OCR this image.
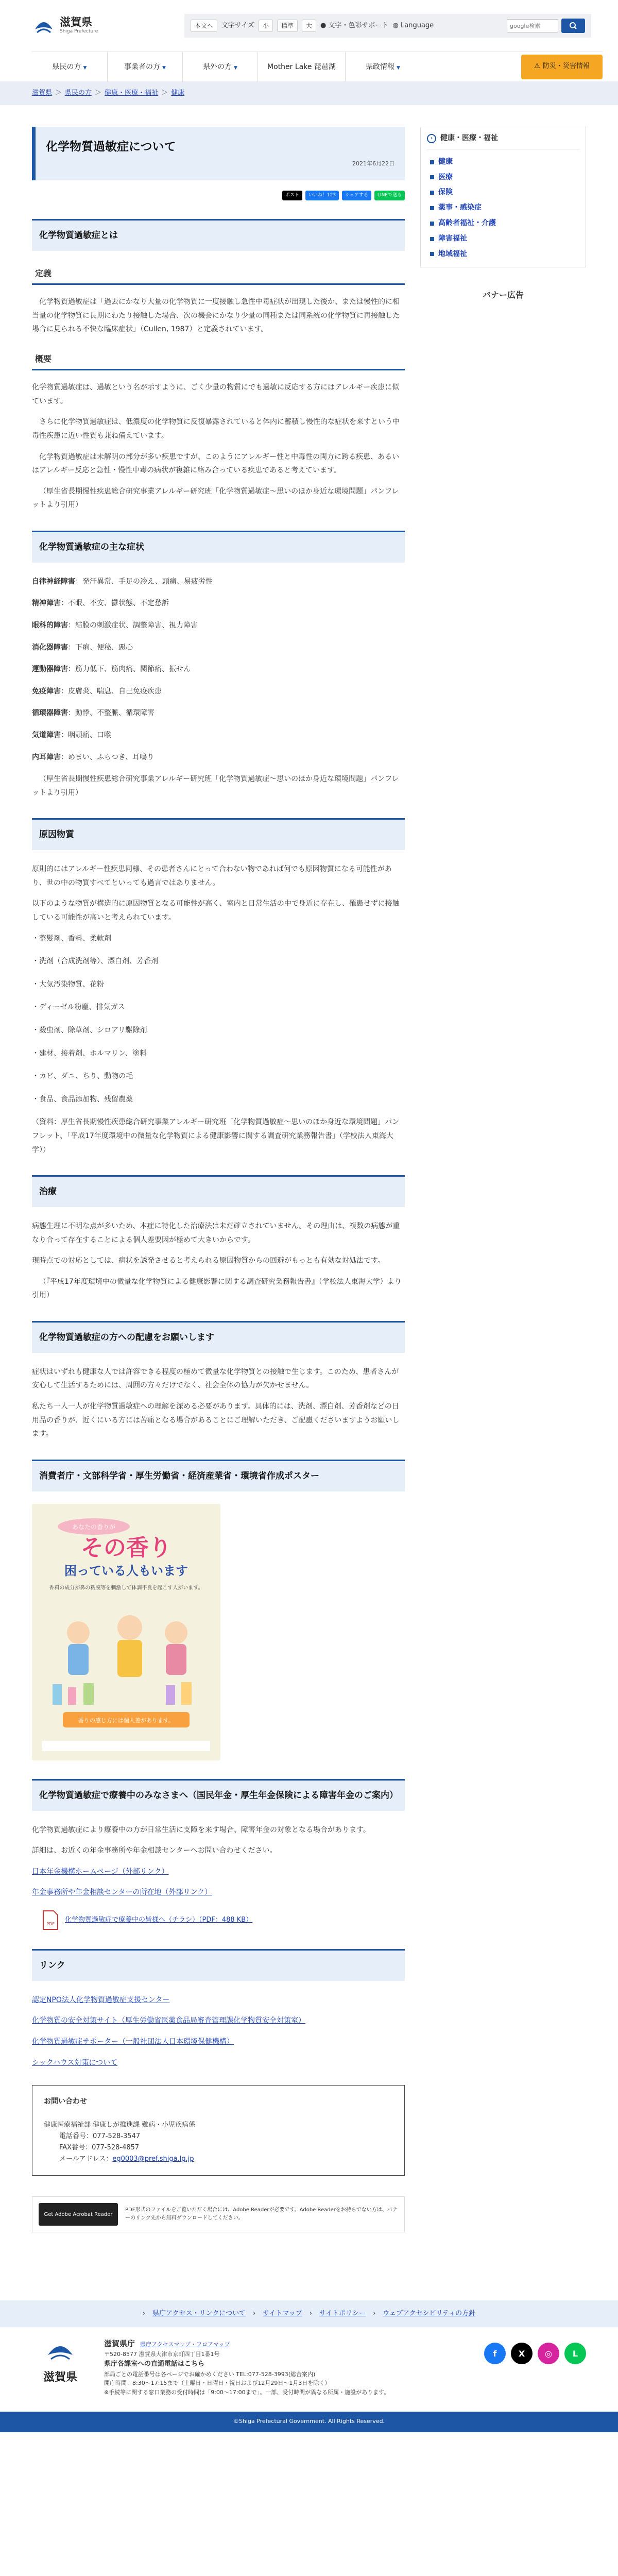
滋賀県
Shiga Prefecture
本文へ	文字サイズ	小	標準	大	● 文字・色彩サポート ◍ Language
google検索
県民の方 ▼	事業者の方 ▼	県外の方 ▼	Mother Lake 琵琶湖	県政情報 ▼	⚠ 防災・災害情報
滋賀県 ＞ 県民の方 ＞ 健康・医療・福祉 ＞ 健康
化学物質過敏症について
2021年6月22日
ポスト	いいね！123	シェアする	LINEで送る
化学物質過敏症とは
定義

化学物質過敏症は「過去にかなり大量の化学物質に一度接触し急性中毒症状が出現した後か、または慢性的に相当量の化学物質に長期にわたり接触した場合、次の機会にかなり少量の同種または同系統の化学物質に再接触した場合に見られる不快な臨床症状」（Cullen, 1987）と定義されています。

概要

化学物質過敏症は、過敏という名が示すように、ごく少量の物質にでも過敏に反応する方にはアレルギー疾患に似ています。

さらに化学物質過敏症は、低濃度の化学物質に反復暴露されていると体内に蓄積し慢性的な症状を来すという中毒性疾患に近い性質も兼ね備えています。

化学物質過敏症は未解明の部分が多い疾患ですが、このようにアレルギー性と中毒性の両方に跨る疾患、あるいはアレルギー反応と急性・慢性中毒の病状が複雑に絡み合っている疾患であると考えています。

（厚生省長期慢性疾患総合研究事業アレルギー研究班「化学物質過敏症〜思いのほか身近な環境問題」パンフレットより引用）

化学物質過敏症の主な症状

自律神経障害：発汗異常、手足の冷え、頭痛、易疲労性

精神障害：不眠、不安、鬱状態、不定愁訴

眼科的障害：結膜の刺激症状、調整障害、視力障害

消化器障害：下痢、便秘、悪心

運動器障害：筋力低下、筋肉痛、関節痛、振せん

免疫障害：皮膚炎、喘息、自己免疫疾患

循環器障害：動悸、不整脈、循環障害

気道障害：咽頭痛、口喉

内耳障害：めまい、ふらつき、耳鳴り

（厚生省長期慢性疾患総合研究事業アレルギー研究班「化学物質過敏症〜思いのほか身近な環境問題」パンフレットより引用）

原因物質

原則的にはアレルギー性疾患同様、その患者さんにとって合わない物であれば何でも原因物質になる可能性があり、世の中の物質すべてといっても過言ではありません。

以下のような物質が構造的に原因物質となる可能性が高く、室内と日常生活の中で身近に存在し、罹患せずに接触している可能性が高いと考えられています。

・整髪剤、香料、柔軟剤

・洗剤（合成洗剤等）、漂白剤、芳香剤

・大気汚染物質、花粉

・ディーゼル粉塵、排気ガス

・殺虫剤、除草剤、シロアリ駆除剤

・建材、接着剤、ホルマリン、塗料

・カビ、ダニ、ちり、動物の毛

・食品、食品添加物、残留農薬

（資料：厚生省長期慢性疾患総合研究事業アレルギー研究班「化学物質過敏症〜思いのほか身近な環境問題」パンフレット、「平成17年度環境中の微量な化学物質による健康影響に関する調査研究業務報告書」（学校法人東海大学））

治療

病態生理に不明な点が多いため、本症に特化した治療法は未だ確立されていません。その理由は、複数の病態が重なり合って存在することによる個人差要因が極めて大きいからです。

現時点での対応としては、病状を誘発させると考えられる原因物質からの回避がもっとも有効な対処法です。

（『平成17年度環境中の微量な化学物質による健康影響に関する調査研究業務報告書』（学校法人東海大学）より引用）

化学物質過敏症の方への配慮をお願いします

症状はいずれも健康な人では許容できる程度の極めて微量な化学物質との接触で生じます。このため、患者さんが安心して生活するためには、周囲の方々だけでなく、社会全体の協力が欠かせません。

私たち一人一人が化学物質過敏症への理解を深める必要があります。具体的には、洗剤、漂白剤、芳香剤などの日用品の香りが、近くにいる方には苦痛となる場合があることにご理解いただき、ご配慮くださいますようお願いします。

消費者庁・文部科学省・厚生労働省・経済産業省・環境省作成ポスター
あなたの香りが
その香り
困っている人もいます
香料の成分が鼻の粘膜等を刺激して体調不良を起こす人がいます。
香りの感じ方には個人差があります。
化学物質過敏症で療養中のみなさまへ（国民年金・厚生年金保険による障害年金のご案内）

化学物質過敏症により療養中の方が日常生活に支障を来す場合、障害年金の対象となる場合があります。

詳細は、お近くの年金事務所や年金相談センターへお問い合わせください。

日本年金機構ホームページ（外部リンク）

年金事務所や年金相談センターの所在地（外部リンク）

PDF
化学物質過敏症で療養中の皆様へ（チラシ）（PDF：488 KB）
リンク

認定NPO法人化学物質過敏症支援センター

化学物質の安全対策サイト（厚生労働省医薬食品局審査管理課化学物質安全対策室）

化学物質過敏症サポーター（一般社団法人日本環境保健機構）

シックハウス対策について

お問い合わせ

健康医療福祉部 健康しが推進課 難病・小児疾病係

電話番号：077-528-3547

FAX番号：077-528-4857

メールアドレス：eg0003@pref.shiga.lg.jp

Get Adobe Acrobat Reader
PDF形式のファイルをご覧いただく場合には、Adobe Readerが必要です。Adobe Readerをお持ちでない方は、バナーのリンク先から無料ダウンロードしてください。
›	健康・医療・福祉
健康
医療
保険
薬事・感染症
高齢者福祉・介護
障害福祉
地域福祉
バナー広告
› 県庁アクセス・リンクについて › サイトマップ › サイトポリシー › ウェブアクセシビリティの方針
滋賀県
滋賀県庁 県庁アクセスマップ・フロアマップ
〒520-8577 滋賀県大津市京町四丁目1番1号
県庁各課室への直通電話はこちら
部局ごとの電話番号は各ページでお確かめください TEL:077-528-3993(総合案内)
開庁時間：8:30〜17:15まで（土曜日・日曜日・祝日および12月29日〜1月3日を除く）
※手続等に関する窓口業務の受付時間は「9:00〜17:00まで」。一部、受付時間が異なる所属・施設があります。
f	X	◎	L
©Shiga Prefectural Government. All Rights Reserved.
